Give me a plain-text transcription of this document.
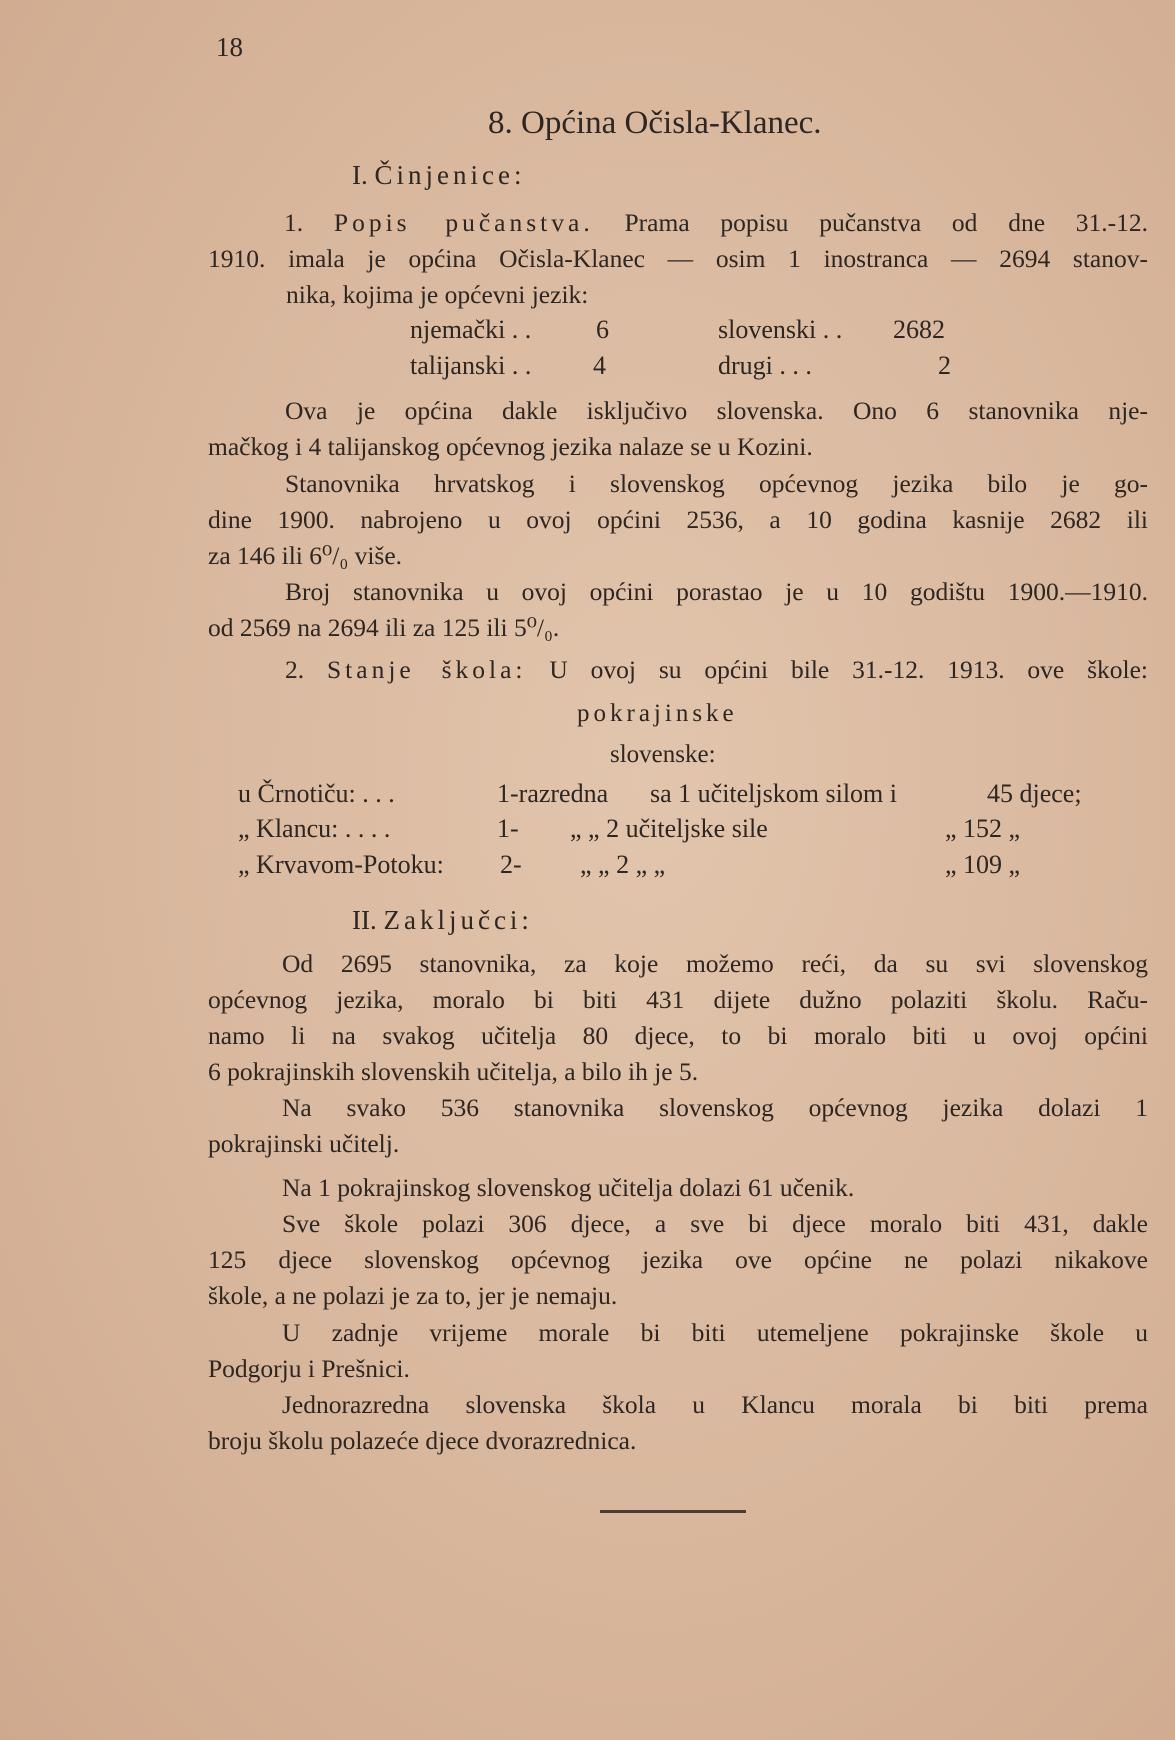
18
8. Općina Očisla-Klanec.
I. Činjenice:
1. Popis pučanstva. Prama popisu pučanstva od dne 31.-12.
1910. imala je općina Očisla-Klanec — osim 1 inostranca — 2694 stanov-
nika, kojima je općevni jezik:
njemački . . 6	slovenski . . 2682
talijanski . . 4	drugi . . .	2
Ova je općina dakle isključivo slovenska. Ono 6 stanovnika nje-
mačkog i 4 talijanskog općevnog jezika nalaze se u Kozini.
Stanovnika hrvatskog i slovenskog općevnog jezika bilo je go-
dine 1900. nabrojeno u ovoj općini 2536, a 10 godina kasnije 2682 ili
za 146 ili 6⁰/₀ više.
Broj stanovnika u ovoj općini porastao je u 10 godištu 1900.—1910.
od 2569 na 2694 ili za 125 ili 5⁰/₀.
2. Stanje škola: U ovoj su općini bile 31.-12. 1913. ove škole:
pokrajinske
slovenske:
u Črnotiču: . . .	1-razredna sa 1 učiteljskom silom i	45 djece;
„ Klancu: . . . .	1- „ „ 2 učiteljske sile	„ 152 „
„ Krvavom-Potoku: 2- „ „ 2 „ „	„ 109 „
II. Zaključci:
Od 2695 stanovnika, za koje možemo reći, da su svi slovenskog
općevnog jezika, moralo bi biti 431 dijete dužno polaziti školu. Raču-
namo li na svakog učitelja 80 djece, to bi moralo biti u ovoj općini
6 pokrajinskih slovenskih učitelja, a bilo ih je 5.
Na svako 536 stanovnika slovenskog općevnog jezika dolazi 1
pokrajinski učitelj.
Na 1 pokrajinskog slovenskog učitelja dolazi 61 učenik.
Sve škole polazi 306 djece, a sve bi djece moralo biti 431, dakle
125 djece slovenskog općevnog jezika ove općine ne polazi nikakove
škole, a ne polazi je za to, jer je nemaju.
U zadnje vrijeme morale bi biti utemeljene pokrajinske škole u
Podgorju i Prešnici.
Jednorazredna slovenska škola u Klancu morala bi biti prema
broju školu polazeće djece dvorazrednica.
